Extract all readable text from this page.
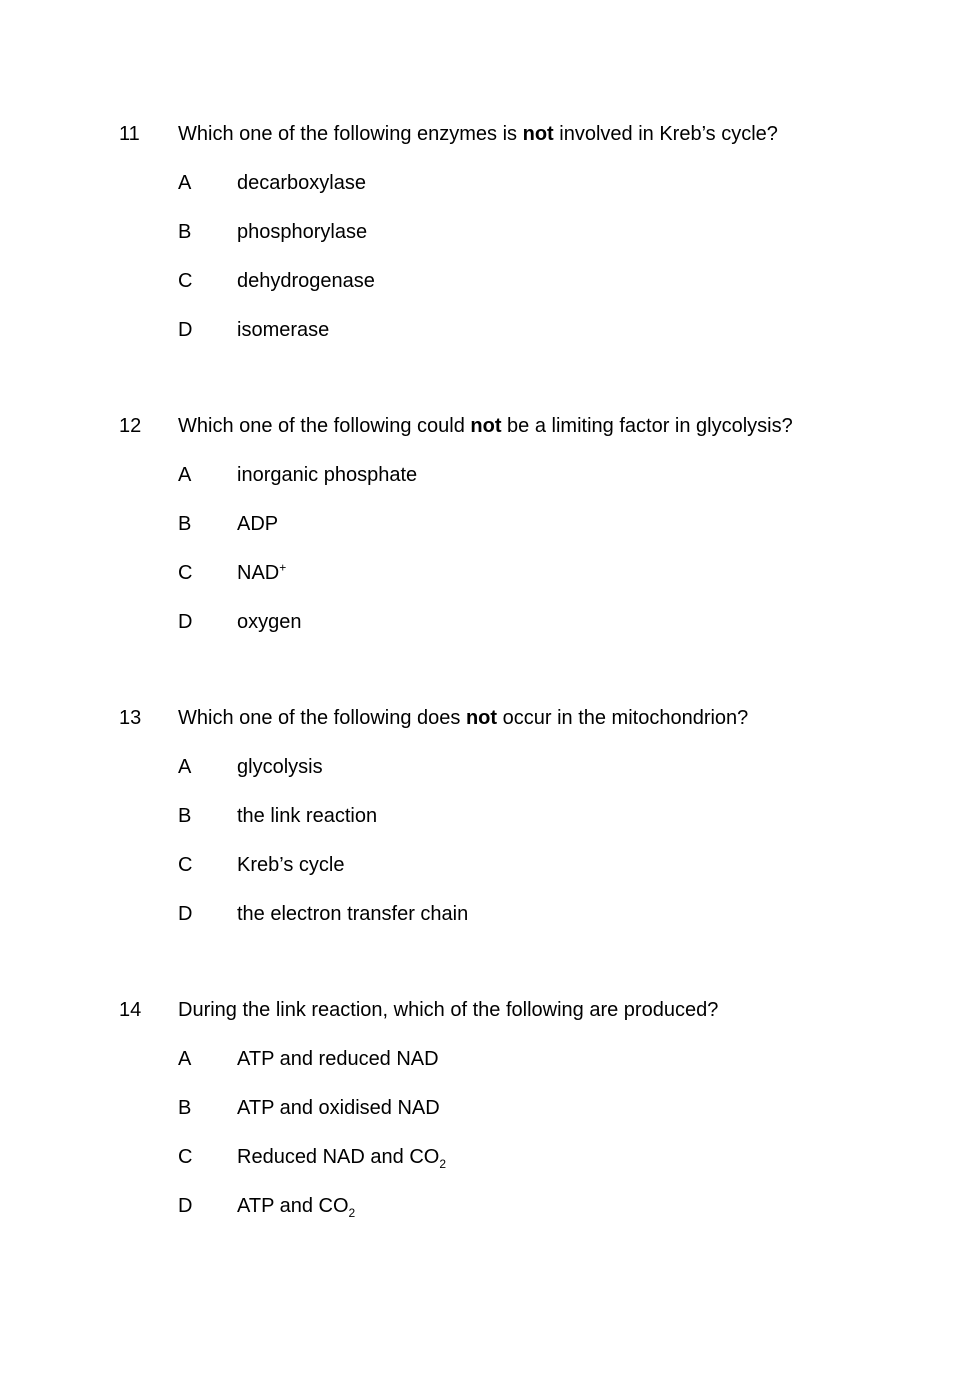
11 Which one of the following enzymes is not involved in Kreb’s cycle?
A decarboxylase
B phosphorylase
C dehydrogenase
D isomerase
12 Which one of the following could not be a limiting factor in glycolysis?
A inorganic phosphate
B ADP
C NAD+
D oxygen
13 Which one of the following does not occur in the mitochondrion?
A glycolysis
B the link reaction
C Kreb’s cycle
D the electron transfer chain
14 During the link reaction, which of the following are produced?
A ATP and reduced NAD
B ATP and oxidised NAD
C Reduced NAD and $CO_2$
D ATP and $CO_2$
